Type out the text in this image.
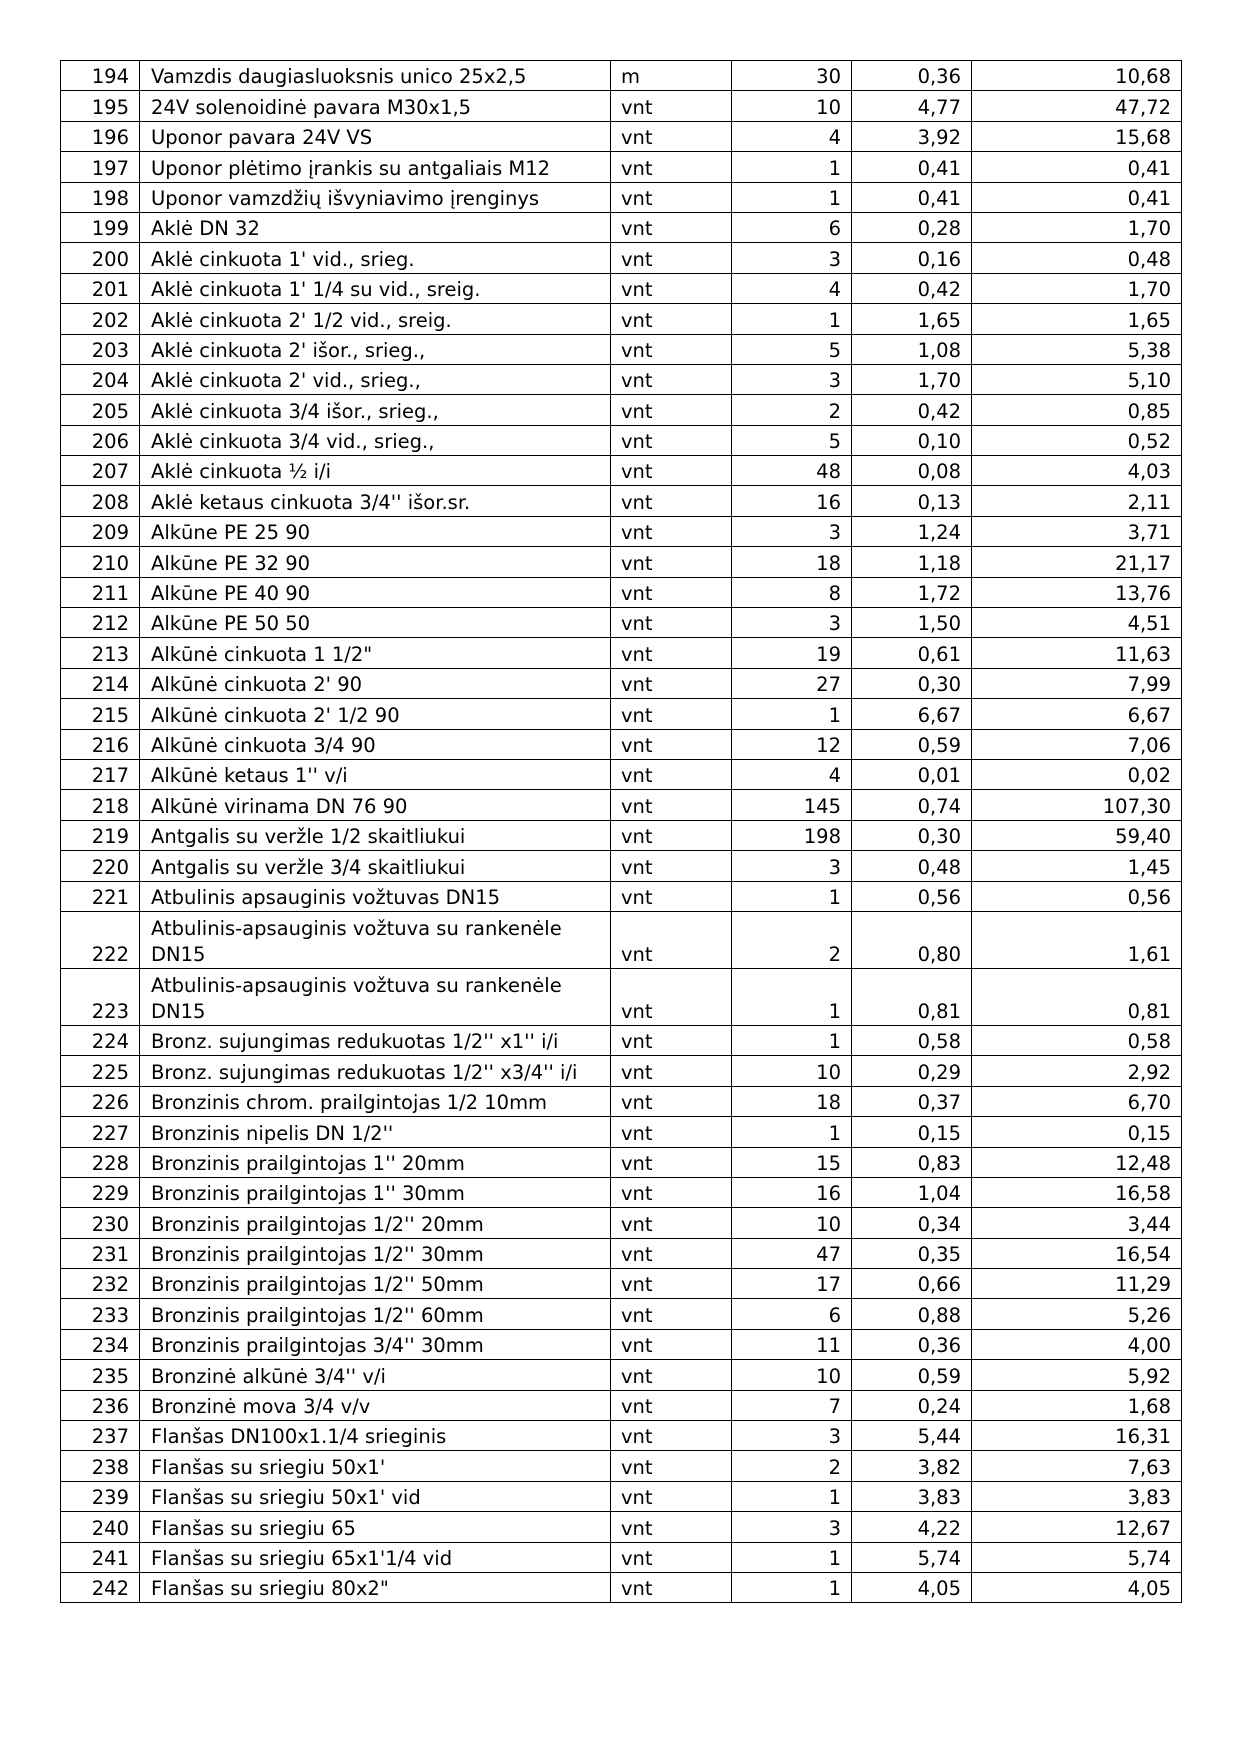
194	Vamzdis daugiasluoksnis unico 25x2,5	m	30	0,36	10,68
195	24V solenoidinė pavara M30x1,5	vnt	10	4,77	47,72
196	Uponor pavara 24V VS	vnt	4	3,92	15,68
197	Uponor plėtimo įrankis su antgaliais M12	vnt	1	0,41	0,41
198	Uponor vamzdžių išvyniavimo įrenginys	vnt	1	0,41	0,41
199	Aklė DN 32	vnt	6	0,28	1,70
200	Aklė cinkuota 1' vid., srieg.	vnt	3	0,16	0,48
201	Aklė cinkuota 1' 1/4 su vid., sreig.	vnt	4	0,42	1,70
202	Aklė cinkuota 2' 1/2 vid., sreig.	vnt	1	1,65	1,65
203	Aklė cinkuota 2' išor., srieg.,	vnt	5	1,08	5,38
204	Aklė cinkuota 2' vid., srieg.,	vnt	3	1,70	5,10
205	Aklė cinkuota 3/4 išor., srieg.,	vnt	2	0,42	0,85
206	Aklė cinkuota 3/4 vid., srieg.,	vnt	5	0,10	0,52
207	Aklė cinkuota ½ i/i	vnt	48	0,08	4,03
208	Aklė ketaus cinkuota 3/4'' išor.sr.	vnt	16	0,13	2,11
209	Alkūne PE 25 90	vnt	3	1,24	3,71
210	Alkūne PE 32 90	vnt	18	1,18	21,17
211	Alkūne PE 40 90	vnt	8	1,72	13,76
212	Alkūne PE 50 50	vnt	3	1,50	4,51
213	Alkūnė cinkuota 1 1/2"	vnt	19	0,61	11,63
214	Alkūnė cinkuota 2' 90	vnt	27	0,30	7,99
215	Alkūnė cinkuota 2' 1/2 90	vnt	1	6,67	6,67
216	Alkūnė cinkuota 3/4 90	vnt	12	0,59	7,06
217	Alkūnė ketaus 1'' v/i	vnt	4	0,01	0,02
218	Alkūnė virinama DN 76 90	vnt	145	0,74	107,30
219	Antgalis su veržle 1/2 skaitliukui	vnt	198	0,30	59,40
220	Antgalis su veržle 3/4 skaitliukui	vnt	3	0,48	1,45
221	Atbulinis apsauginis vožtuvas DN15	vnt	1	0,56	0,56
222	Atbulinis-apsauginis vožtuva su rankenėle DN15	vnt	2	0,80	1,61
223	Atbulinis-apsauginis vožtuva su rankenėle DN15	vnt	1	0,81	0,81
224	Bronz. sujungimas redukuotas 1/2'' x1'' i/i	vnt	1	0,58	0,58
225	Bronz. sujungimas redukuotas 1/2'' x3/4'' i/i	vnt	10	0,29	2,92
226	Bronzinis chrom. prailgintojas 1/2 10mm	vnt	18	0,37	6,70
227	Bronzinis nipelis DN 1/2''	vnt	1	0,15	0,15
228	Bronzinis prailgintojas 1'' 20mm	vnt	15	0,83	12,48
229	Bronzinis prailgintojas 1'' 30mm	vnt	16	1,04	16,58
230	Bronzinis prailgintojas 1/2'' 20mm	vnt	10	0,34	3,44
231	Bronzinis prailgintojas 1/2'' 30mm	vnt	47	0,35	16,54
232	Bronzinis prailgintojas 1/2'' 50mm	vnt	17	0,66	11,29
233	Bronzinis prailgintojas 1/2'' 60mm	vnt	6	0,88	5,26
234	Bronzinis prailgintojas 3/4'' 30mm	vnt	11	0,36	4,00
235	Bronzinė alkūnė 3/4'' v/i	vnt	10	0,59	5,92
236	Bronzinė mova 3/4 v/v	vnt	7	0,24	1,68
237	Flanšas DN100x1.1/4 srieginis	vnt	3	5,44	16,31
238	Flanšas su sriegiu 50x1'	vnt	2	3,82	7,63
239	Flanšas su sriegiu 50x1' vid	vnt	1	3,83	3,83
240	Flanšas su sriegiu 65	vnt	3	4,22	12,67
241	Flanšas su sriegiu 65x1'1/4 vid	vnt	1	5,74	5,74
242	Flanšas su sriegiu 80x2"	vnt	1	4,05	4,05
